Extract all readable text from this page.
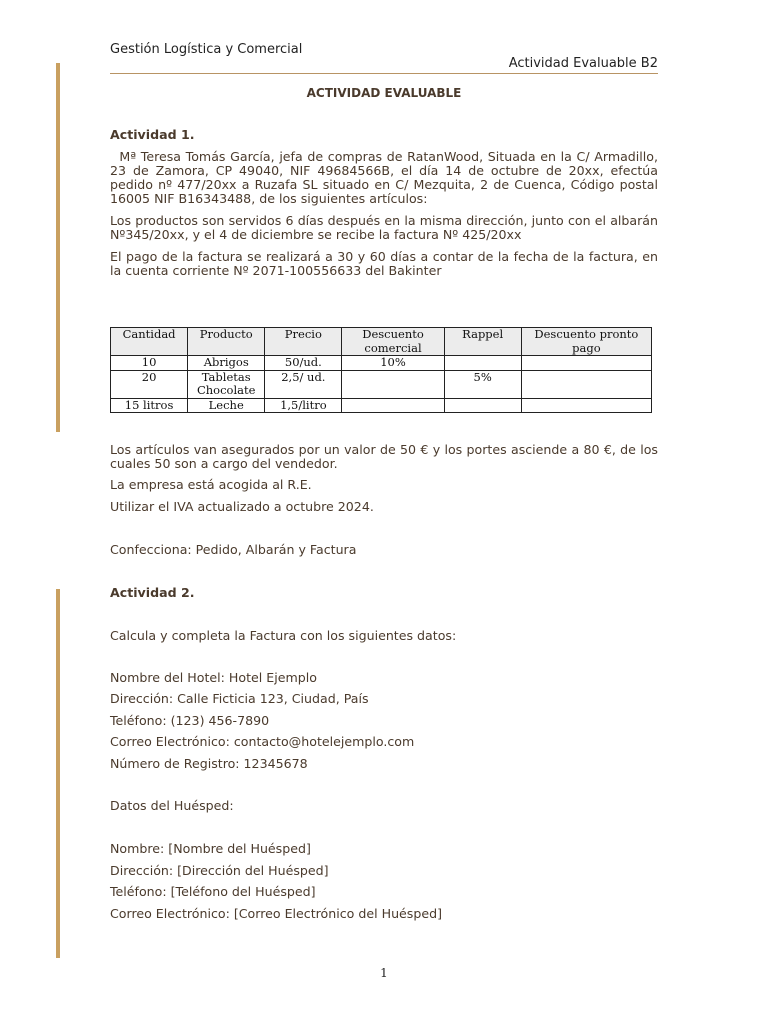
Gestión Logística y Comercial
Actividad Evaluable B2
ACTIVIDAD EVALUABLE

Actividad 1.

Mª Teresa Tomás García, jefa de compras de RatanWood, Situada en la C/ Armadillo, 23 de Zamora, CP 49040, NIF 49684566B, el día 14 de octubre de 20xx, efectúa pedido nº 477/20xx a Ruzafa SL situado en C/ Mezquita, 2 de Cuenca, Código postal 16005 NIF B16343488, de los siguientes artículos:

Los productos son servidos 6 días después en la misma dirección, junto con el albarán Nº345/20xx, y el 4 de diciembre se recibe la factura Nº 425/20xx

El pago de la factura se realizará a 30 y 60 días a contar de la fecha de la factura, en la cuenta corriente Nº 2071-100556633 del Bakinter

Cantidad	Producto	Precio	Descuento comercial	Rappel	Descuento pronto pago
10	Abrigos	50/ud.	10%		
20	Tabletas Chocolate	2,5/ ud.		5%	
15 litros	Leche	1,5/litro			

Los artículos van asegurados por un valor de 50 € y los portes asciende a 80 €, de los cuales 50 son a cargo del vendedor.

La empresa está acogida al R.E.

Utilizar el IVA actualizado a octubre 2024.

Confecciona: Pedido, Albarán y Factura

Actividad 2.

Calcula y completa la Factura con los siguientes datos:

Nombre del Hotel: Hotel Ejemplo

Dirección: Calle Ficticia 123, Ciudad, País

Teléfono: (123) 456-7890

Correo Electrónico: contacto@hotelejemplo.com

Número de Registro: 12345678

Datos del Huésped:

Nombre: [Nombre del Huésped]

Dirección: [Dirección del Huésped]

Teléfono: [Teléfono del Huésped]

Correo Electrónico: [Correo Electrónico del Huésped]

1
